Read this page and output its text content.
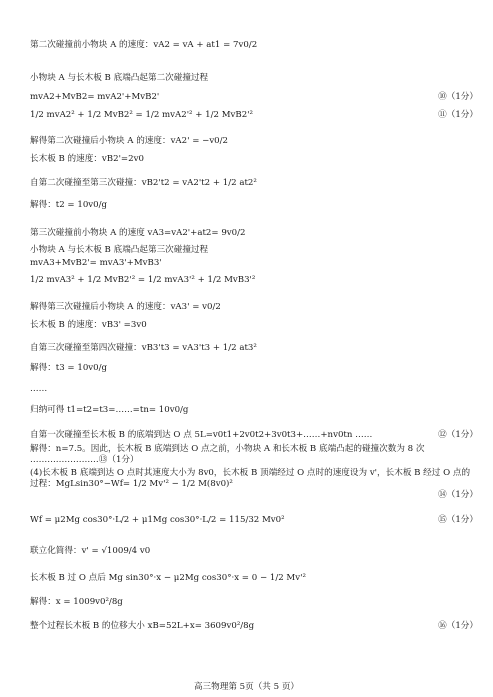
第二次碰撞前小物块 A 的速度：vA2 = vA + at1 = 7v0/2
小物块 A 与长木板 B 底端凸起第二次碰撞过程
mvA2+MvB2= mvA2'+MvB2'	⑩（1分）
1/2 mvA2² + 1/2 MvB2² = 1/2 mvA2'² + 1/2 MvB2'²	⑪（1分）
解得第二次碰撞后小物块 A 的速度：vA2' = −v0/2
长木板 B 的速度：vB2'=2v0
自第二次碰撞至第三次碰撞：vB2't2 = vA2't2 + 1/2 at2²
解得：t2 = 10v0/g
第三次碰撞前小物块 A 的速度 vA3=vA2'+at2= 9v0/2
小物块 A 与长木板 B 底端凸起第三次碰撞过程
mvA3+MvB2'= mvA3'+MvB3'
1/2 mvA3² + 1/2 MvB2'² = 1/2 mvA3'² + 1/2 MvB3'²
解得第三次碰撞后小物块 A 的速度：vA3' = v0/2
长木板 B 的速度：vB3' =3v0
自第三次碰撞至第四次碰撞：vB3't3 = vA3't3 + 1/2 at3²
解得：t3 = 10v0/g
……
归纳可得 t1=t2=t3=……=tn= 10v0/g
自第一次碰撞至长木板 B 的底端到达 O 点 5L=v0t1+2v0t2+3v0t3+……+nv0tn ……	⑫（1分）
解得：n=7.5。因此，长木板 B 底端到达 O 点之前，小物块 A 和长木板 B 底端凸起的碰撞次数为 8 次 ……………………⑬（1分）
(4)长木板 B 底端到达 O 点时其速度大小为 8v0，长木板 B 顶端经过 O 点时的速度设为 v'，长木板 B 经过 O 点的过程：MgLsin30°−Wf= 1/2 Mv'² − 1/2 M(8v0)²
⑭（1分）
Wf = μ2Mg cos30°·L/2 + μ1Mg cos30°·L/2 = 115/32 Mv0²	⑮（1分）
联立化简得：v' = √1009/4 v0
长木板 B 过 O 点后 Mg sin30°·x − μ2Mg cos30°·x = 0 − 1/2 Mv'²
解得：x = 1009v0²/8g
整个过程长木板 B 的位移大小 xB=52L+x= 3609v0²/8g	⑯（1分）
高三物理第 5页（共 5 页）
